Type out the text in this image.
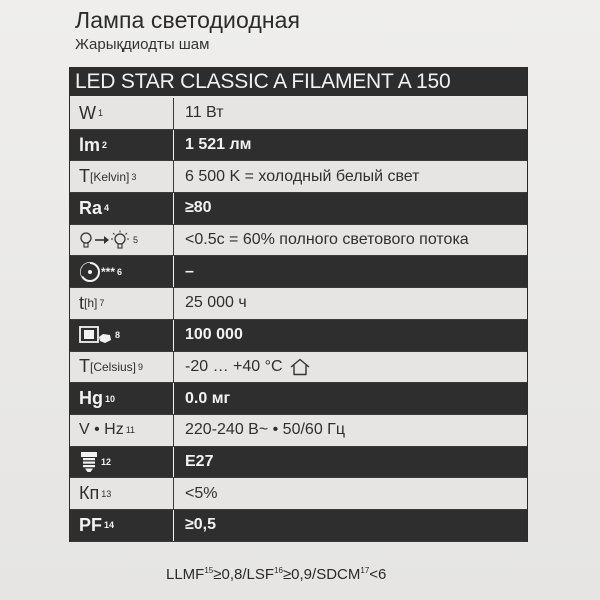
Лампа светодиодная
Жарықдиодты шам
LED STAR CLASSIC A FILAMENT A 150
W 1	11 Вт
lm 2	1 521 лм
T [Kelvin] 3	6 500 K = холодный белый свет
Ra 4	≥80
5	<0.5c = 60% полного светового потока
*** 6	–
t [h] 7	25 000 ч
8	100 000
T [Celsius] 9	-20 … +40 °C
Hg 10	0.0 мг
V • Hz 11	220-240 В~ • 50/60 Гц
12	E27
Кп 13	<5%
PF 14	≥0,5
$LLMF^{15}\ge 0,8/LSF^{16}\ge 0,9/SDCM^{17}<6$
